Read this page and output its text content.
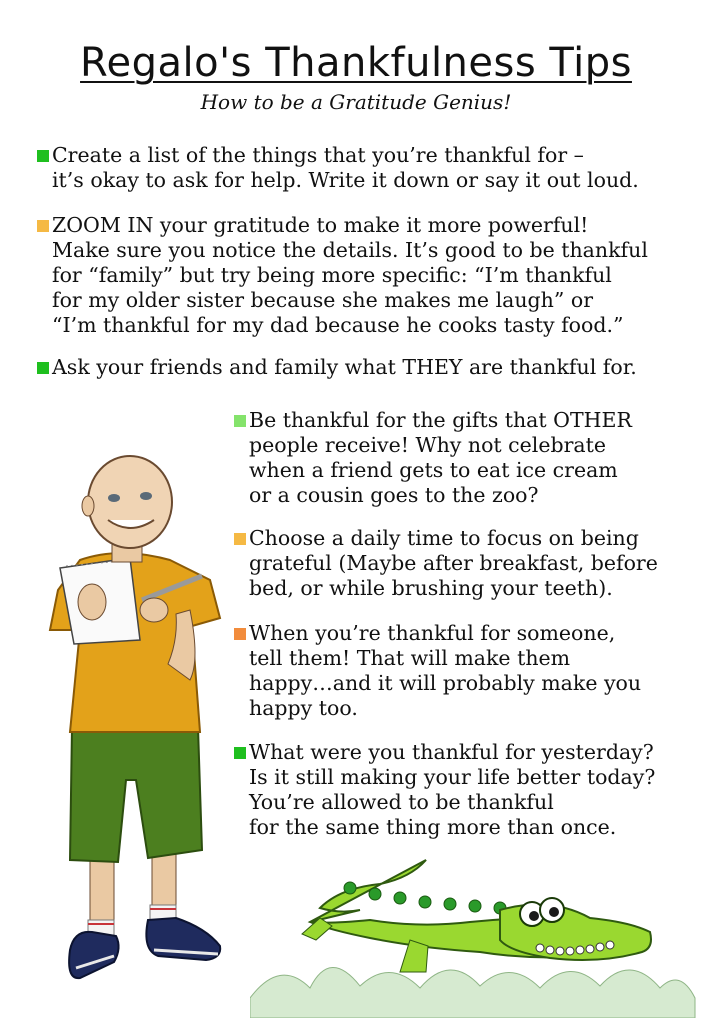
Regalo's Thankfulness Tips
How to be a Gratitude Genius!
Create a list of the things that you’re thankful for –
it’s okay to ask for help. Write it down or say it out loud.
ZOOM IN your gratitude to make it more powerful!
Make sure you notice the details. It’s good to be thankful
for “family” but try being more specific: “I’m thankful
for my older sister because she makes me laugh” or
“I’m thankful for my dad because he cooks tasty food.”
Ask your friends and family what THEY are thankful for.
Be thankful for the gifts that OTHER
people receive! Why not celebrate
when a friend gets to eat ice cream
or a cousin goes to the zoo?
Choose a daily time to focus on being
grateful (Maybe after breakfast, before
bed, or while brushing your teeth).
When you’re thankful for someone,
tell them! That will make them
happy…and it will probably make you
happy too.
What were you thankful for yesterday?
Is it still making your life better today?
You’re allowed to be thankful
for the same thing more than once.
